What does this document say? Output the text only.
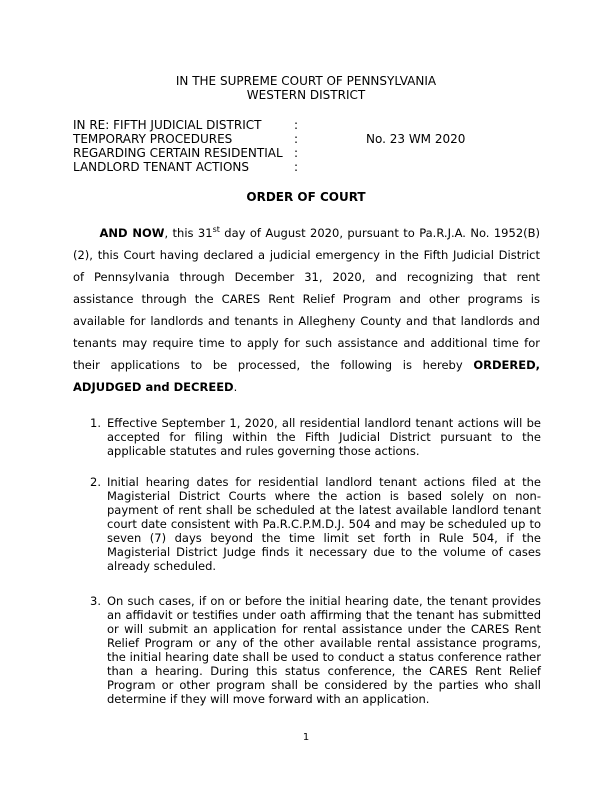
IN THE SUPREME COURT OF PENNSYLVANIA
WESTERN DISTRICT
IN RE: FIFTH JUDICIAL DISTRICT
TEMPORARY PROCEDURES
REGARDING CERTAIN RESIDENTIAL
LANDLORD TENANT ACTIONS
:
:
:
:
No. 23 WM 2020
ORDER OF COURT

AND NOW, this 31st day of August 2020, pursuant to Pa.R.J.A. No. 1952(B)(2), this Court having declared a judicial emergency in the Fifth Judicial District of Pennsylvania through December 31, 2020, and recognizing that rent assistance through the CARES Rent Relief Program and other programs is available for landlords and tenants in Allegheny County and that landlords and tenants may require time to apply for such assistance and additional time for their applications to be processed, the following is hereby ORDERED, ADJUDGED and DECREED.

1. Effective September 1, 2020, all residential landlord tenant actions will be accepted for filing within the Fifth Judicial District pursuant to the applicable statutes and rules governing those actions.
2. Initial hearing dates for residential landlord tenant actions filed at the Magisterial District Courts where the action is based solely on non-payment of rent shall be scheduled at the latest available landlord tenant court date consistent with Pa.R.C.P.M.D.J. 504 and may be scheduled up to seven (7) days beyond the time limit set forth in Rule 504, if the Magisterial District Judge finds it necessary due to the volume of cases already scheduled.
3. On such cases, if on or before the initial hearing date, the tenant provides an affidavit or testifies under oath affirming that the tenant has submitted or will submit an application for rental assistance under the CARES Rent Relief Program or any of the other available rental assistance programs, the initial hearing date shall be used to conduct a status conference rather than a hearing. During this status conference, the CARES Rent Relief Program or other program shall be considered by the parties who shall determine if they will move forward with an application.
1
